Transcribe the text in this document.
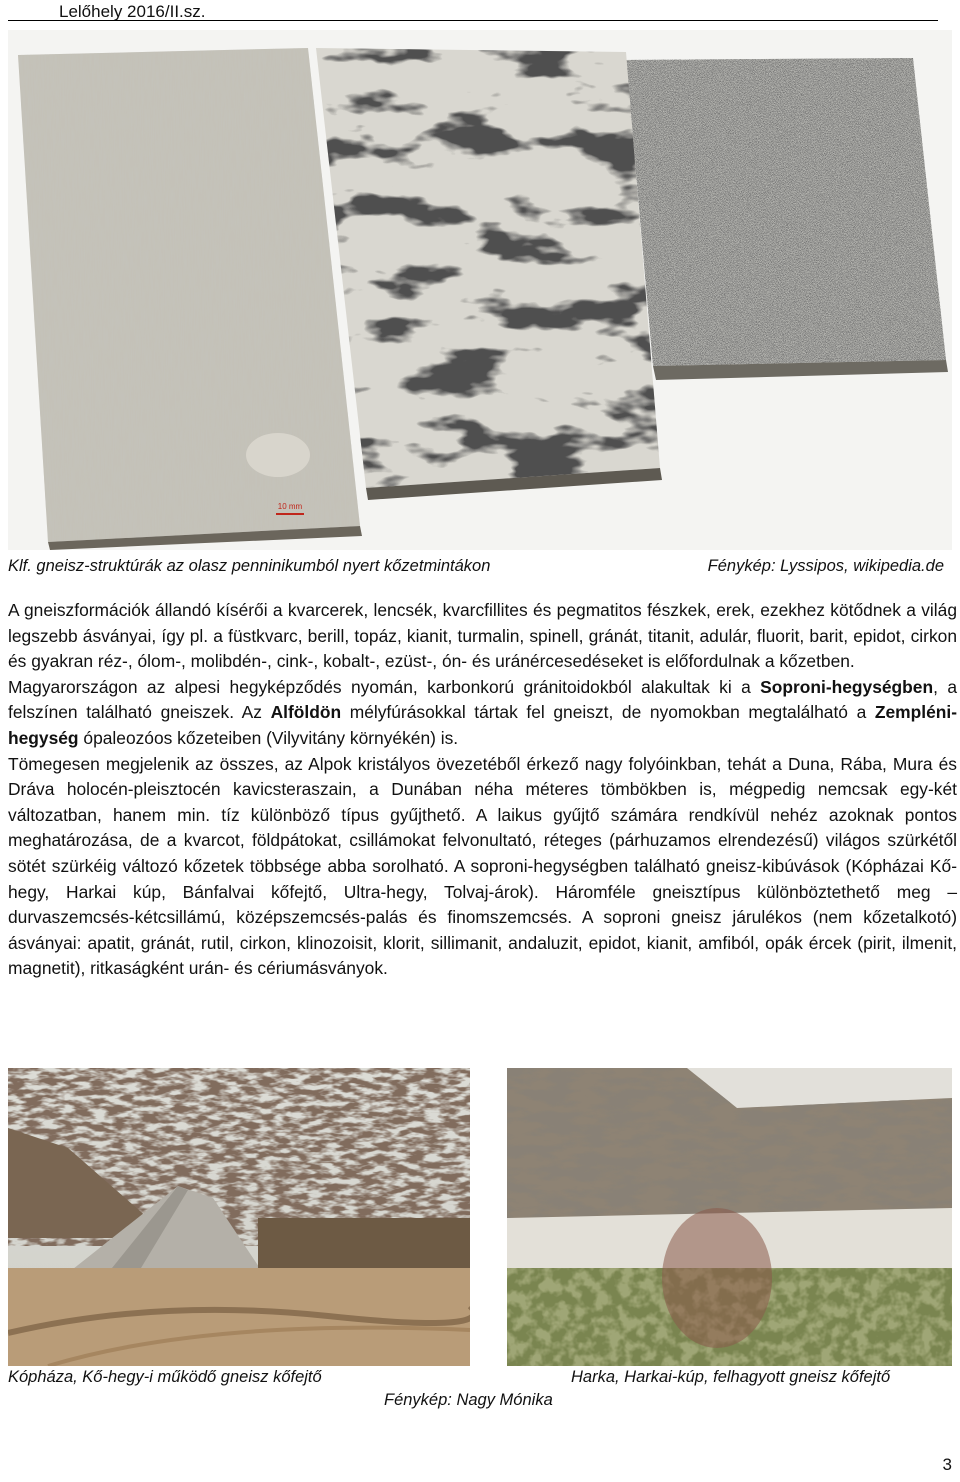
Lelőhely 2016/II.sz.
10 mm
Klf. gneisz-struktúrák az olasz penninikumból nyert kőzetmintákon	Fénykép: Lyssipos, wikipedia.de

A gneiszformációk állandó kísérői a kvarcerek, lencsék, kvarcfillites és pegmatitos fészkek, erek, ezekhez kötődnek a világ legszebb ásványai, így pl. a füstkvarc, berill, topáz, kianit, turmalin, spinell, gránát, titanit, adulár, fluorit, barit, epidot, cirkon és gyakran réz-, ólom-, molibdén-, cink-, kobalt-, ezüst-, ón- és uránércesedéseket is előfordulnak a kőzetben.

Magyarországon az alpesi hegyképződés nyomán, karbonkorú gránitoidokból alakultak ki a Soproni-hegységben, a felszínen található gneiszek. Az Alföldön mélyfúrásokkal tártak fel gneiszt, de nyomokban megtalálható a Zempléni-hegység ópaleozóos kőzeteiben (Vilyvitány környékén) is.

Tömegesen megjelenik az összes, az Alpok kristályos övezetéből érkező nagy folyóinkban, tehát a Duna, Rába, Mura és Dráva holocén-pleisztocén kavicsteraszain, a Dunában néha méteres tömbökben is, mégpedig nemcsak egy-két változatban, hanem min. tíz különböző típus gyűjthető. A laikus gyűjtő számára rendkívül nehéz azoknak pontos meghatározása, de a kvarcot, földpátokat, csillámokat felvonultató, réteges (párhuzamos elrendezésű) világos szürkétől sötét szürkéig változó kőzetek többsége abba sorolható. A soproni-hegységben található gneisz-kibúvások (Kópházai Kő-hegy, Harkai kúp, Bánfalvai kőfejtő, Ultra-hegy, Tolvaj-árok). Háromféle gneisztípus különböztethető meg – durvaszemcsés-kétcsillámú, középszemcsés-palás és finomszemcsés. A soproni gneisz járulékos (nem kőzetalkotó) ásványai: apatit, gránát, rutil, cirkon, klinozoisit, klorit, sillimanit, andaluzit, epidot, kianit, amfiból, opák ércek (pirit, ilmenit, magnetit), ritkaságként urán- és cériumásványok.

Kópháza, Kő-hegy-i működő gneisz kőfejtő	Harka, Harkai-kúp, felhagyott gneisz kőfejtő
Fénykép: Nagy Mónika
3
